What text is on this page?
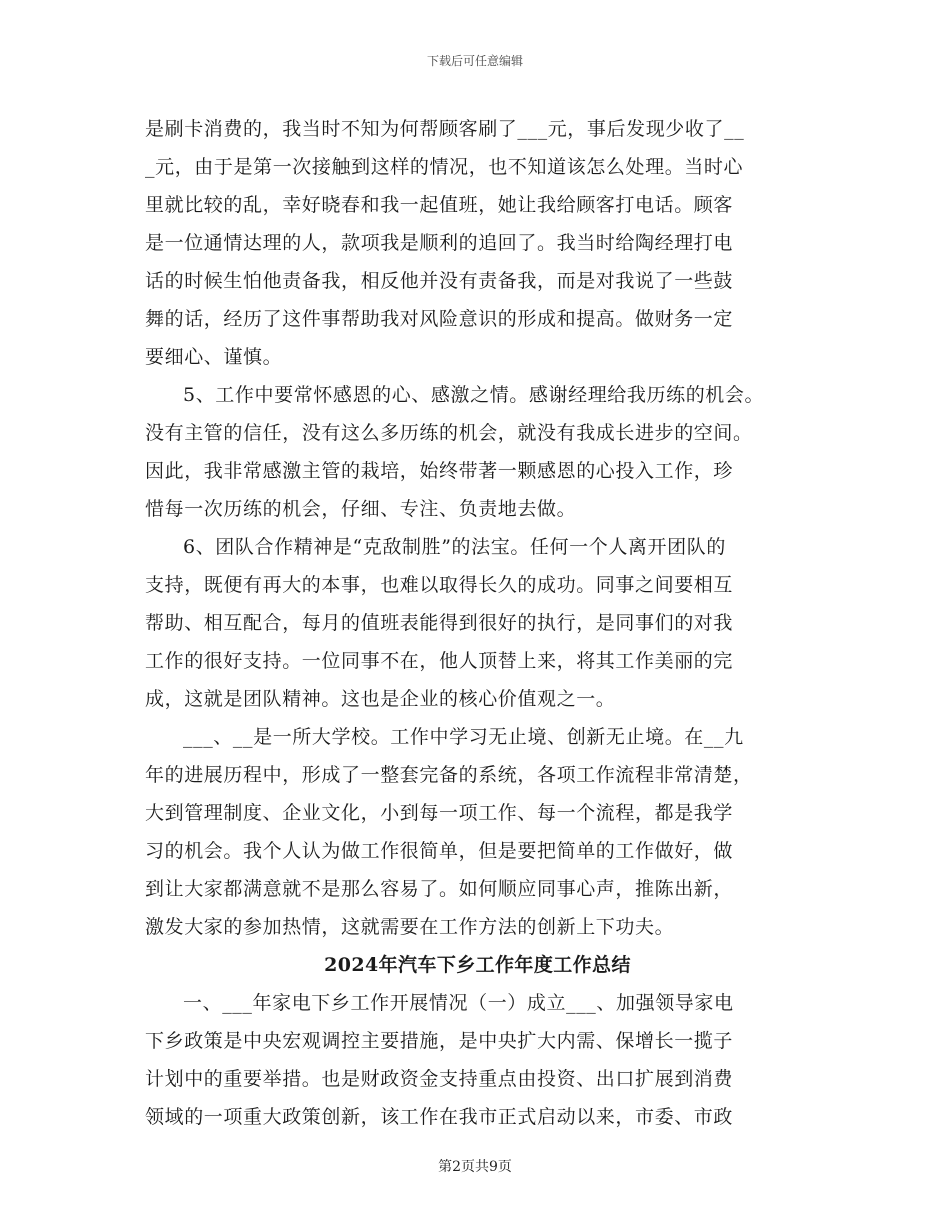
下载后可任意编辑
是刷卡消费的，我当时不知为何帮顾客刷了___元，事后发现少收了__
_元，由于是第一次接触到这样的情况，也不知道该怎么处理。当时心
里就比较的乱，幸好晓春和我一起值班，她让我给顾客打电话。顾客
是一位通情达理的人，款项我是顺利的追回了。我当时给陶经理打电
话的时候生怕他责备我，相反他并没有责备我，而是对我说了一些鼓
舞的话，经历了这件事帮助我对风险意识的形成和提高。做财务一定
要细心、谨慎。
5、工作中要常怀感恩的心、感激之情。感谢经理给我历练的机会。
没有主管的信任，没有这么多历练的机会，就没有我成长进步的空间。
因此，我非常感激主管的栽培，始终带著一颗感恩的心投入工作，珍
惜每一次历练的机会，仔细、专注、负责地去做。
6、团队合作精神是“克敌制胜”的法宝。任何一个人离开团队的
支持，既便有再大的本事，也难以取得长久的成功。同事之间要相互
帮助、相互配合，每月的值班表能得到很好的执行，是同事们的对我
工作的很好支持。一位同事不在，他人顶替上来，将其工作美丽的完
成，这就是团队精神。这也是企业的核心价值观之一。
___、__是一所大学校。工作中学习无止境、创新无止境。在__九
年的进展历程中，形成了一整套完备的系统，各项工作流程非常清楚，
大到管理制度、企业文化，小到每一项工作、每一个流程，都是我学
习的机会。我个人认为做工作很简单，但是要把简单的工作做好，做
到让大家都满意就不是那么容易了。如何顺应同事心声，推陈出新，
激发大家的参加热情，这就需要在工作方法的创新上下功夫。
2024年汽车下乡工作年度工作总结
一、___年家电下乡工作开展情况（一）成立___、加强领导家电
下乡政策是中央宏观调控主要措施，是中央扩大内需、保增长一揽子
计划中的重要举措。也是财政资金支持重点由投资、出口扩展到消费
领域的一项重大政策创新，该工作在我市正式启动以来，市委、市政
第2页共9页
